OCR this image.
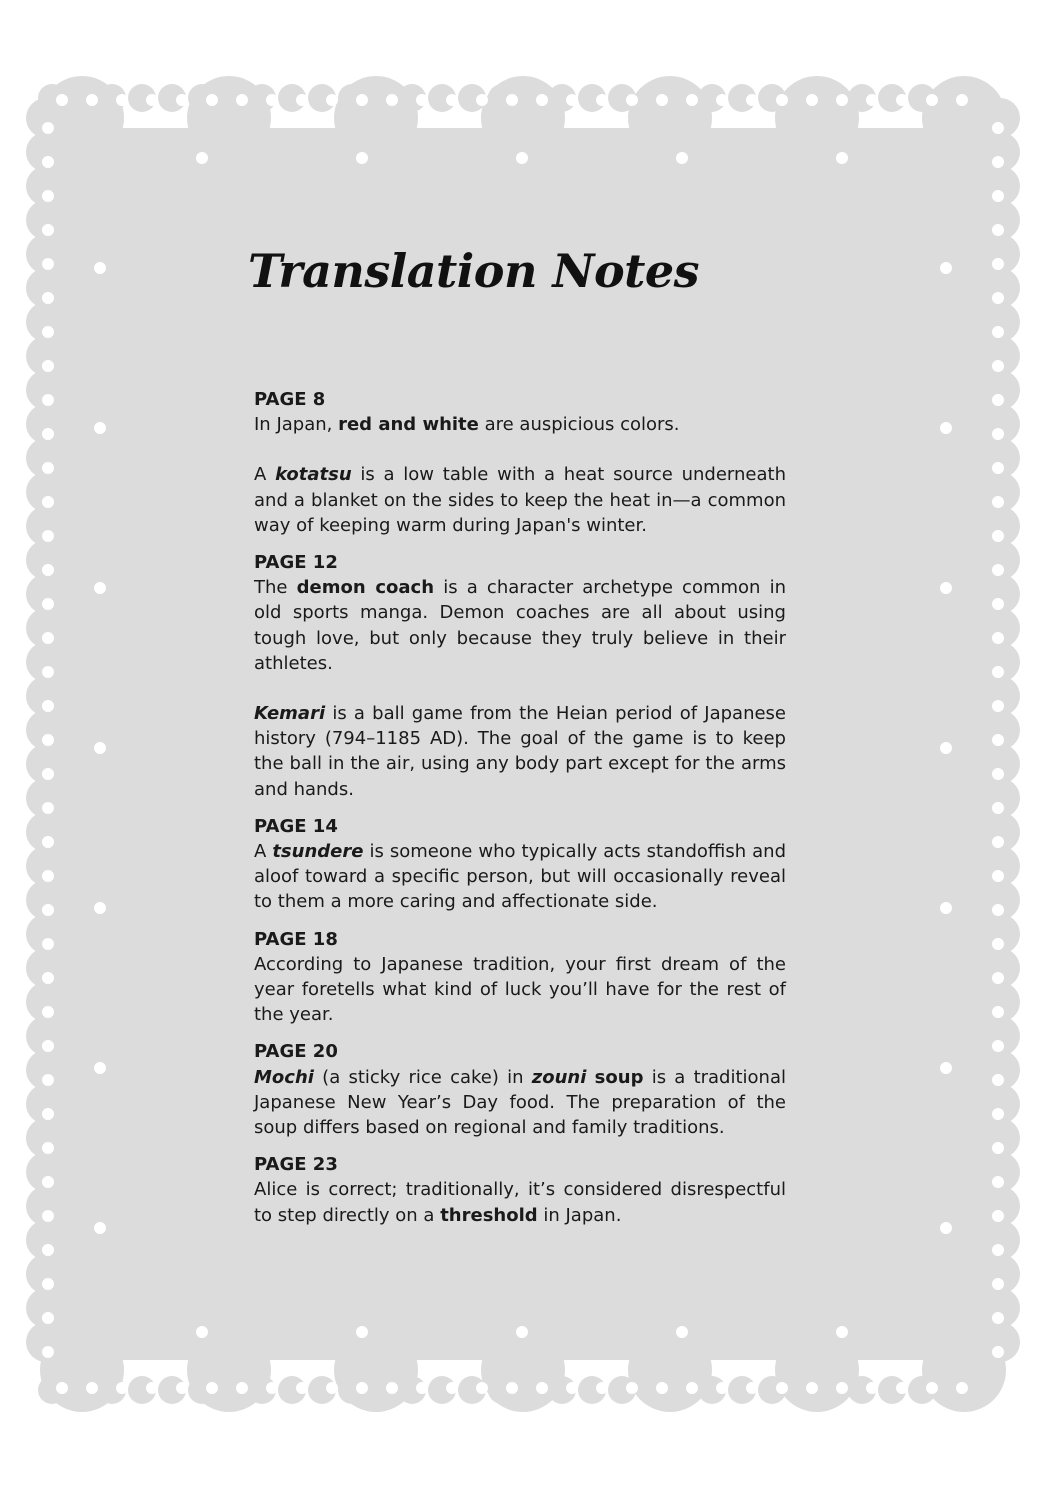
Translation Notes
PAGE 8

In Japan, red and white are auspicious colors.

A kotatsu is a low table with a heat source underneath and a blanket on the sides to keep the heat in—a common way of keeping warm during Japan's winter.

PAGE 12

The demon coach is a character archetype common in old sports manga. Demon coaches are all about using tough love, but only because they truly believe in their athletes.

Kemari is a ball game from the Heian period of Japanese history (794–1185 AD). The goal of the game is to keep the ball in the air, using any body part except for the arms and hands.

PAGE 14

A tsundere is someone who typically acts standoffish and aloof toward a specific person, but will occasionally reveal to them a more caring and affectionate side.

PAGE 18

According to Japanese tradition, your first dream of the year foretells what kind of luck you’ll have for the rest of the year.

PAGE 20

Mochi (a sticky rice cake) in zouni soup is a traditional Japanese New Year’s Day food. The preparation of the soup differs based on regional and family traditions.

PAGE 23

Alice is correct; traditionally, it’s considered disrespectful to step directly on a threshold in Japan.
